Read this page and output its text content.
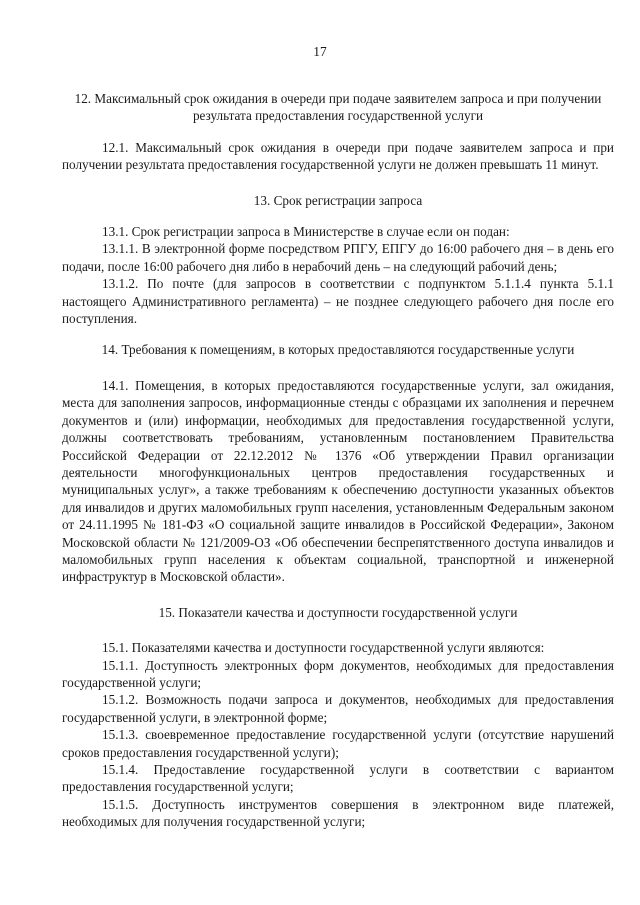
17

12. Максимальный срок ожидания в очереди при подаче заявителем запроса и при получении результата предоставления государственной услуги

12.1. Максимальный срок ожидания в очереди при подаче заявителем запроса и при получении результата предоставления государственной услуги не должен превышать 11 минут.

13. Срок регистрации запроса

13.1. Срок регистрации запроса в Министерстве в случае если он подан:

13.1.1. В электронной форме посредством РПГУ, ЕПГУ до 16:00 рабочего дня – в день его подачи, после 16:00 рабочего дня либо в нерабочий день – на следующий рабочий день;

13.1.2. По почте (для запросов в соответствии с подпунктом 5.1.1.4 пункта 5.1.1 настоящего Административного регламента) – не позднее следующего рабочего дня после его поступления.

14. Требования к помещениям, в которых предоставляются государственные услуги

14.1. Помещения, в которых предоставляются государственные услуги, зал ожидания, места для заполнения запросов, информационные стенды с образцами их заполнения и перечнем документов и (или) информации, необходимых для предоставления государственной услуги, должны соответствовать требованиям, установленным постановлением Правительства Российской Федерации от 22.12.2012 № 1376 «Об утверждении Правил организации деятельности многофункциональных центров предоставления государственных и муниципальных услуг», а также требованиям к обеспечению доступности указанных объектов для инвалидов и других маломобильных групп населения, установленным Федеральным законом от 24.11.1995 № 181-ФЗ «О социальной защите инвалидов в Российской Федерации», Законом Московской области № 121/2009-ОЗ «Об обеспечении беспрепятственного доступа инвалидов и маломобильных групп населения к объектам социальной, транспортной и инженерной инфраструктур в Московской области».

15. Показатели качества и доступности государственной услуги

15.1. Показателями качества и доступности государственной услуги являются:

15.1.1. Доступность электронных форм документов, необходимых для предоставления государственной услуги;

15.1.2. Возможность подачи запроса и документов, необходимых для предоставления государственной услуги, в электронной форме;

15.1.3. своевременное предоставление государственной услуги (отсутствие нарушений сроков предоставления государственной услуги);

15.1.4. Предоставление государственной услуги в соответствии с вариантом предоставления государственной услуги;

15.1.5. Доступность инструментов совершения в электронном виде платежей, необходимых для получения государственной услуги;
